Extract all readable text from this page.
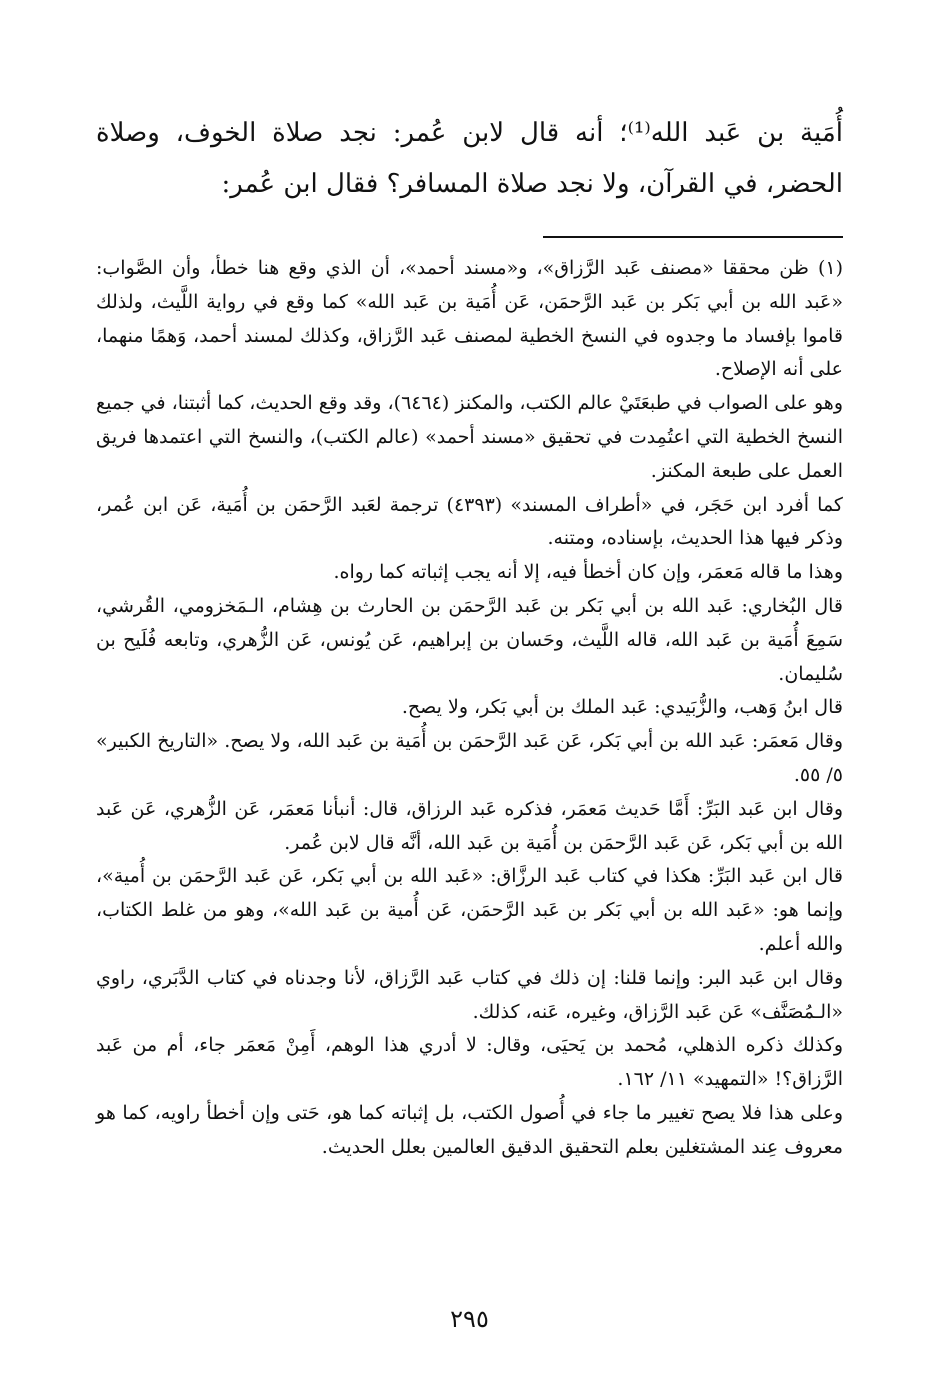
أُمَية بن عَبد الله⁽¹⁾؛ أنه قال لابن عُمر: نجد صلاة الخوف، وصلاة الحضر، في القرآن، ولا نجد صلاة المسافر؟ فقال ابن عُمر:

(١) ظن محققا «مصنف عَبد الرَّزاق»، و«مسند أحمد»، أن الذي وقع هنا خطأ، وأن الصَّواب: «عَبد الله بن أبي بَكر بن عَبد الرَّحمَن، عَن أُمَية بن عَبد الله» كما وقع في رواية اللَّيث، ولذلك قاموا بإفساد ما وجدوه في النسخ الخطية لمصنف عَبد الرَّزاق، وكذلك لمسند أحمد، وَهمًا منهما، على أنه الإصلاح.

وهو على الصواب في طبعَتَيْ عالم الكتب، والمكنز (٦٤٦٤)، وقد وقع الحديث، كما أثبتنا، في جميع النسخ الخطية التي اعتُمِدت في تحقيق «مسند أحمد» (عالم الكتب)، والنسخ التي اعتمدها فريق العمل على طبعة المكنز.

كما أفرد ابن حَجَر، في «أطراف المسند» (٤٣٩٣) ترجمة لعَبد الرَّحمَن بن أُمَية، عَن ابن عُمر، وذكر فيها هذا الحديث، بإسناده، ومتنه.

وهذا ما قاله مَعمَر، وإن كان أخطأ فيه، إلا أنه يجب إثباته كما رواه.

قال البُخاري: عَبد الله بن أبي بَكر بن عَبد الرَّحمَن بن الحارث بن هِشام، الـمَخزومي، القُرشي، سَمِعَ أُمَية بن عَبد الله، قاله اللَّيث، وحَسان بن إبراهيم، عَن يُونس، عَن الزُّهري، وتابعه فُلَيح بن سُليمان.

قال ابنُ وَهب، والزُّبَيدي: عَبد الملك بن أبي بَكر، ولا يصح.

وقال مَعمَر: عَبد الله بن أبي بَكر، عَن عَبد الرَّحمَن بن أُمَية بن عَبد الله، ولا يصح. «التاريخ الكبير» ٥/ ٥٥.

وقال ابن عَبد البَرِّ: أَمَّا حَديث مَعمَر، فذكره عَبد الرزاق، قال: أنبأنا مَعمَر، عَن الزُّهري، عَن عَبد الله بن أبي بَكر، عَن عَبد الرَّحمَن بن أُمَية بن عَبد الله، أنَّه قال لابن عُمر.

قال ابن عَبد البَرِّ: هكذا في كتاب عَبد الرزَّاق: «عَبد الله بن أبي بَكر، عَن عَبد الرَّحمَن بن أُمية»، وإنما هو: «عَبد الله بن أبي بَكر بن عَبد الرَّحمَن، عَن أُمية بن عَبد الله»، وهو من غلط الكتاب، والله أعلم.

وقال ابن عَبد البر: وإنما قلنا: إن ذلك في كتاب عَبد الرَّزاق، لأنا وجدناه في كتاب الدَّبَري، راوي «الـمُصَنَّف» عَن عَبد الرَّزاق، وغيره، عَنه، كذلك.

وكذلك ذكره الذهلي، مُحمد بن يَحيَى، وقال: لا أدري هذا الوهم، أَمِنْ مَعمَر جاء، أم من عَبد الرَّزاق؟! «التمهيد» ١١/ ١٦٢.

وعلى هذا فلا يصح تغيير ما جاء في أُصول الكتب، بل إثباته كما هو، حَتى وإن أخطأ راويه، كما هو معروف عِند المشتغلين بعلم التحقيق الدقيق العالمين بعلل الحديث.

٢٩٥
